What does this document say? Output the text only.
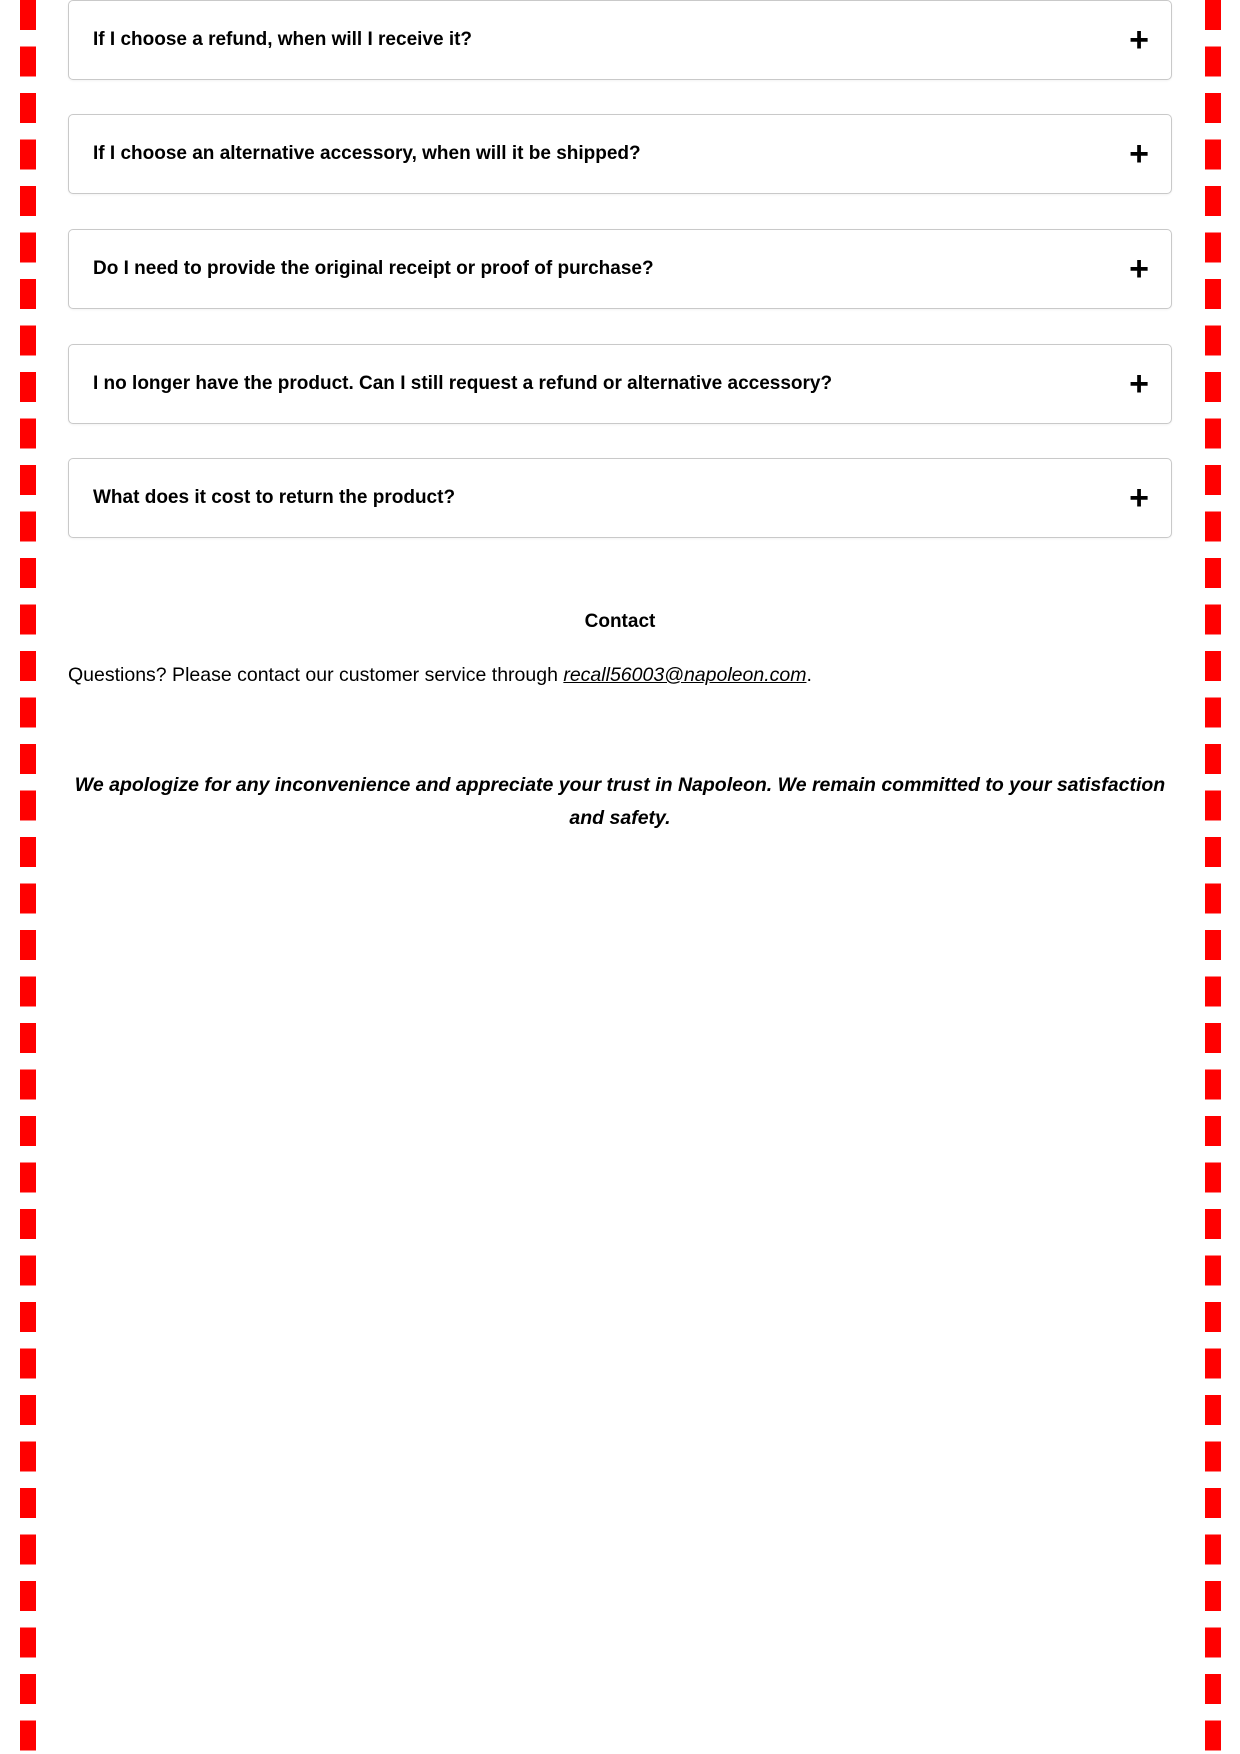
If I choose a refund, when will I receive it?	+
If I choose an alternative accessory, when will it be shipped?	+
Do I need to provide the original receipt or proof of purchase?	+
I no longer have the product. Can I still request a refund or alternative accessory?	+
What does it cost to return the product?	+
Contact
Questions? Please contact our customer service through recall56003@napoleon.com.
We apologize for any inconvenience and appreciate your trust in Napoleon. We remain committed to your satisfaction and safety.
